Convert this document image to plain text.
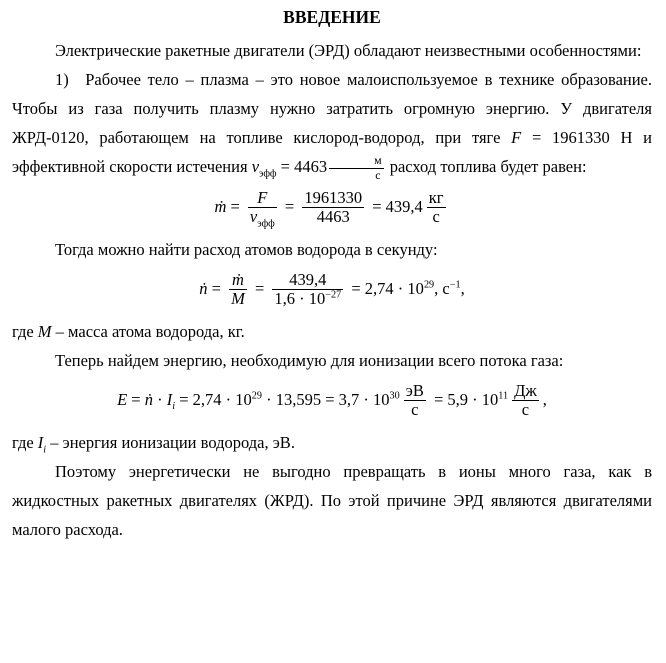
ВВЕДЕНИЕ

Электрические ракетные двигатели (ЭРД) обладают неизвестными особенностями:

1) Рабочее тело – плазма – это новое малоиспользуемое в технике образование. Чтобы из газа получить плазму нужно затратить огромную энергию. У двигателя ЖРД-0120, работающем на топливе кислород-водород, при тяге F = 1961330 Н и эффективной скорости истечения $v_{эфф} = 4463 \frac{м}{с}$ расход топлива будет равен:

ṁ = $\frac{F}{v_{эфф}} = \frac{1961330}{4463} = 439,4 \frac{кг}{с}$

Тогда можно найти расход атомов водорода в секунду:

ṅ = $\frac{\text{ṁ}}{M} = \frac{439,4}{1,6 \cdot 10^{-27}} = 2,74 \cdot 10^{29}$, $с^{-1}$,

где M – масса атома водорода, кг.

Теперь найдем энергию, необходимую для ионизации всего потока газа:

E = ṅ · $I_i = 2,74 \cdot 10^{29} \cdot 13,595 = 3,7 \cdot 10^{30} \frac{эВ}{с} = 5,9 \cdot 10^{11} \frac{Дж}{с}$ ,

где $I_i$ – энергия ионизации водорода, эВ.

Поэтому энергетически не выгодно превращать в ионы много газа, как в жидкостных ракетных двигателях (ЖРД). По этой причине ЭРД являются двигателями малого расхода.
